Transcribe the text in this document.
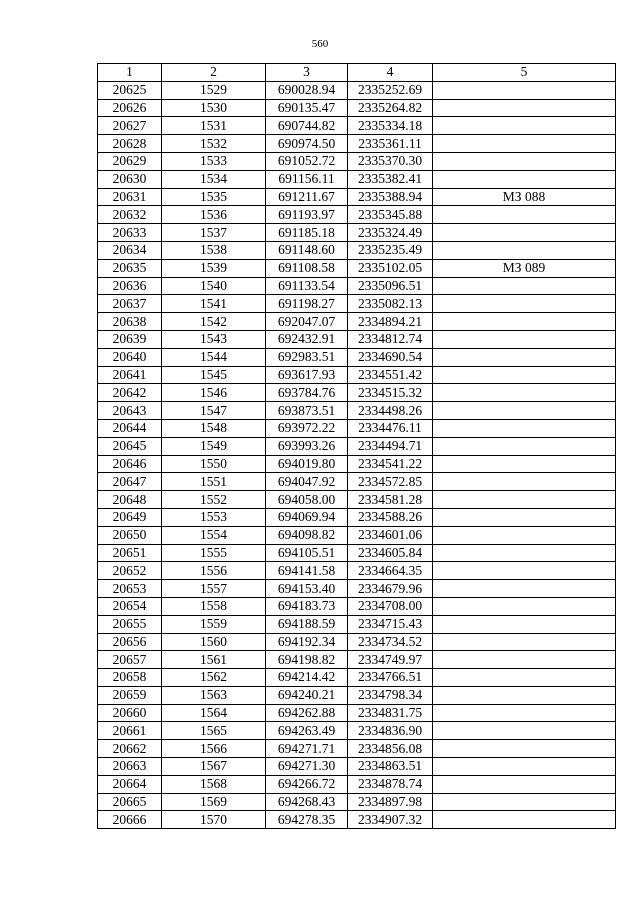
560
1	2	3	4	5
20625	1529	690028.94	2335252.69	
20626	1530	690135.47	2335264.82	
20627	1531	690744.82	2335334.18	
20628	1532	690974.50	2335361.11	
20629	1533	691052.72	2335370.30	
20630	1534	691156.11	2335382.41	
20631	1535	691211.67	2335388.94	МЗ 088
20632	1536	691193.97	2335345.88	
20633	1537	691185.18	2335324.49	
20634	1538	691148.60	2335235.49	
20635	1539	691108.58	2335102.05	МЗ 089
20636	1540	691133.54	2335096.51	
20637	1541	691198.27	2335082.13	
20638	1542	692047.07	2334894.21	
20639	1543	692432.91	2334812.74	
20640	1544	692983.51	2334690.54	
20641	1545	693617.93	2334551.42	
20642	1546	693784.76	2334515.32	
20643	1547	693873.51	2334498.26	
20644	1548	693972.22	2334476.11	
20645	1549	693993.26	2334494.71	
20646	1550	694019.80	2334541.22	
20647	1551	694047.92	2334572.85	
20648	1552	694058.00	2334581.28	
20649	1553	694069.94	2334588.26	
20650	1554	694098.82	2334601.06	
20651	1555	694105.51	2334605.84	
20652	1556	694141.58	2334664.35	
20653	1557	694153.40	2334679.96	
20654	1558	694183.73	2334708.00	
20655	1559	694188.59	2334715.43	
20656	1560	694192.34	2334734.52	
20657	1561	694198.82	2334749.97	
20658	1562	694214.42	2334766.51	
20659	1563	694240.21	2334798.34	
20660	1564	694262.88	2334831.75	
20661	1565	694263.49	2334836.90	
20662	1566	694271.71	2334856.08	
20663	1567	694271.30	2334863.51	
20664	1568	694266.72	2334878.74	
20665	1569	694268.43	2334897.98	
20666	1570	694278.35	2334907.32	
